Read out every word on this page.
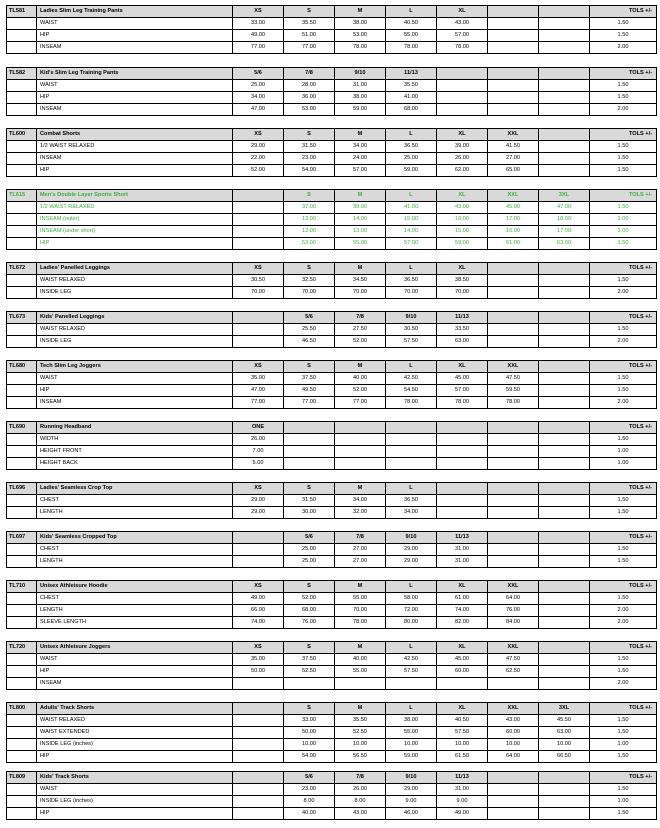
TL581	Ladies Slim Leg Training Pants	XS	S	M	L	XL			TOLS +/-
	WAIST	33.00	35.50	38.00	40.50	43.00			1.50
	HIP	49.00	51.00	53.00	55.00	57.00			1.50
	INSEAM	77.00	77.00	78.00	78.00	78.00			2.00
TL582	Kid's Slim Leg Training Pants	5/6	7/8	9/10	11/13				TOLS +/-
	WAIST	25.00	28.00	31.00	35.50				1.50
	HIP	34.00	36.00	38.00	41.00				1.50
	INSEAM	47.00	53.00	59.00	68.00				2.00
TL600	Combat Shorts	XS	S	M	L	XL	XXL		TOLS +/-
	1/2 WAIST RELAXED	29.00	31.50	34.00	36.50	39.00	41.50		1.50
	INSEAM	22.00	23.00	24.00	25.00	26.00	27.00		1.50
	HIP	52.00	54.00	57.00	59.00	62.00	65.00		1.50
TL615	Men's Double Layer Sports Short		S	M	L	XL	XXL	3XL	TOLS +/-
	1/2 WAIST RELAXED		37.00	39.00	41.00	43.00	45.00	47.00	1.50
	INSEAM (outer)		13.00	14.00	15.00	16.00	17.00	18.00	1.00
	INSEAM (under short)		12.00	13.00	14.00	15.00	16.00	17.00	1.00
	HIP		53.00	55.00	57.00	59.00	61.00	63.00	1.50
TL672	Ladies' Panelled Leggings	XS	S	M	L	XL			TOLS +/-
	WAIST RELAXED	30.50	32.50	34.50	36.50	38.50			1.50
	INSIDE LEG	70.00	70.00	70.00	70.00	70.00			2.00
TL673	Kids' Panelled Leggings		5/6	7/8	9/10	11/13			TOLS +/-
	WAIST RELAXED		25.50	27.50	30.50	33.50			1.50
	INSIDE LEG		46.50	52.00	57.50	63.00			2.00
TL680	Tech Slim Leg Joggers	XS	S	M	L	XL	XXL		TOLS +/-
	WAIST	35.00	37.50	40.00	42.50	45.00	47.50		1.50
	HIP	47.00	49.50	52.00	54.50	57.00	59.50		1.50
	INSEAM	77.00	77.00	77.00	78.00	78.00	78.00		2.00
TL690	Running Headband	ONE							TOLS +/-
	WIDTH	26.00							1.50
	HEIGHT FRONT	7.00							1.00
	HEIGHT BACK	5.00							1.00
TL696	Ladies' Seamless Crop Top	XS	S	M	L				TOLS +/-
	CHEST	29.00	31.50	34.00	36.50				1.50
	LENGTH	29.00	30.00	32.00	34.00				1.50
TL697	Kids' Seamless Cropped Top		5/6	7/8	9/10	11/13			TOLS +/-
	CHEST		25.00	27.00	29.00	31.00			1.50
	LENGTH		25.00	27.00	29.00	31.00			1.50
TL710	Unisex Athleisure Hoodie	XS	S	M	L	XL	XXL		TOLS +/-
	CHEST	49.00	52.00	55.00	58.00	61.00	64.00		1.50
	LENGTH	66.00	68.00	70.00	72.00	74.00	76.00		2.00
	SLEEVE LENGTH	74.00	76.00	78.00	80.00	82.00	84.00		2.00
TL720	Unisex Athleisure Joggers	XS	S	M	L	XL	XXL		TOLS +/-
	WAIST	35.00	37.50	40.00	42.50	45.00	47.50		1.50
	HIP	50.00	52.50	55.00	57.50	60.00	62.50		1.50
	INSEAM								2.00
TL800	Adults' Track Shorts		S	M	L	XL	XXL	3XL	TOLS +/-
	WAIST RELAXED		33.00	35.50	38.00	40.50	43.00	45.50	1.50
	WAIST EXTENDED		50.00	52.50	55.00	57.50	60.00	63.00	1.50
	INSIDE LEG (inches)		10.00	10.00	10.00	10.00	10.00	10.00	1.00
	HIP		54.00	56.50	59.00	61.50	64.00	66.50	1.50
TL809	Kids' Track Shorts		5/6	7/8	9/10	11/13			TOLS +/-
	WAIST		23.00	26.00	29.00	31.00			1.50
	INSIDE LEG (inches)		8.00	8.00	9.00	9.00			1.00
	HIP		40.00	43.00	46.00	49.00			1.50
